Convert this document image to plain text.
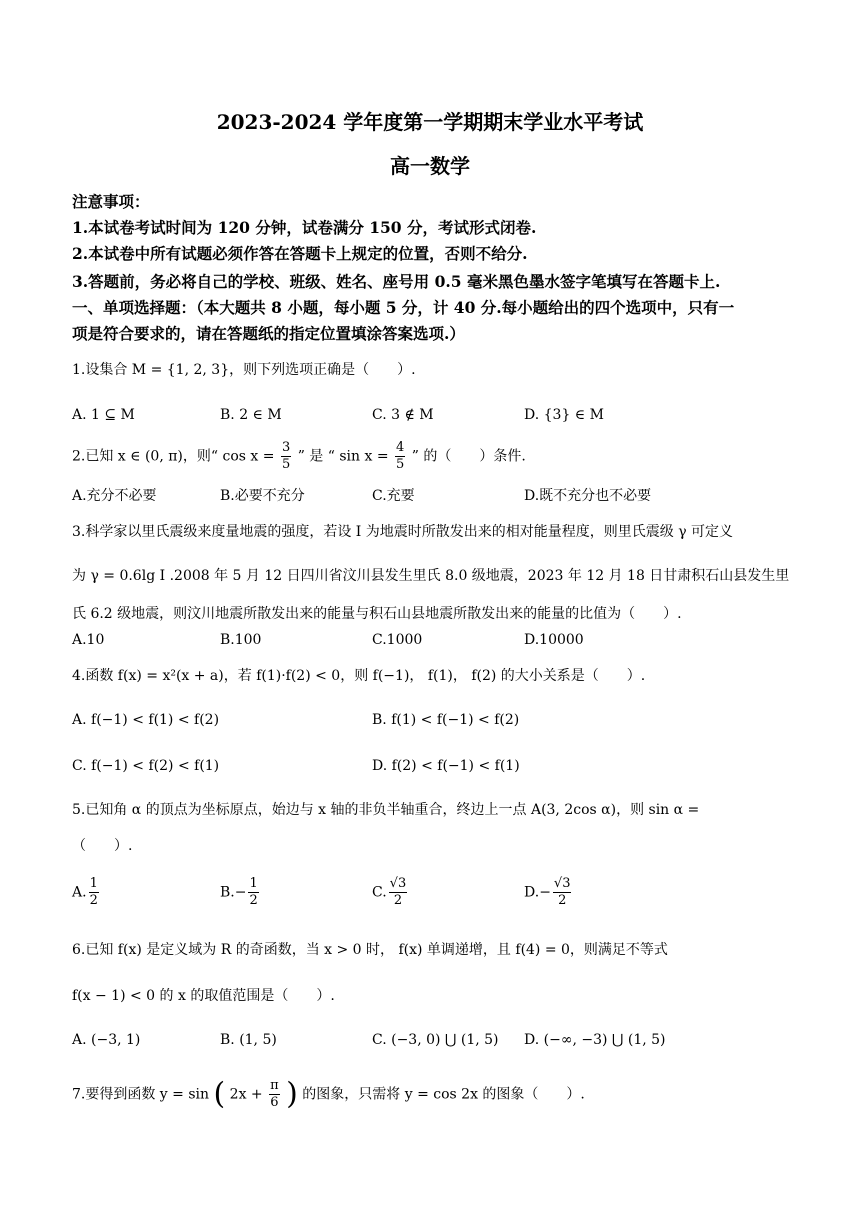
2023-2024 学年度第一学期期末学业水平考试
高一数学
注意事项：
1.本试卷考试时间为 120 分钟，试卷满分 150 分，考试形式闭卷.
2.本试卷中所有试题必须作答在答题卡上规定的位置，否则不给分.
3.答题前，务必将自己的学校、班级、姓名、座号用 0.5 毫米黑色墨水签字笔填写在答题卡上.
一、单项选择题：（本大题共 8 小题，每小题 5 分，计 40 分.每小题给出的四个选项中，只有一
项是符合要求的，请在答题纸的指定位置填涂答案选项.）
1.设集合 M = {1, 2, 3}，则下列选项正确是（　　）.
A. 1 ⊆ M	B. 2 ∈ M	C. 3 ∉ M	D. {3} ∈ M
2.已知 x ∈ (0, π)，则“ $\cos x = \frac{3}{5}$ ” 是 “ $\sin x = \frac{4}{5}$ ” 的（　　）条件.
A.充分不必要	B.必要不充分	C.充要	D.既不充分也不必要
3.科学家以里氏震级来度量地震的强度，若设 I 为地震时所散发出来的相对能量程度，则里氏震级 γ 可定义
为 γ = 0.6lg I .2008 年 5 月 12 日四川省汶川县发生里氏 8.0 级地震，2023 年 12 月 18 日甘肃积石山县发生里
氏 6.2 级地震，则汶川地震所散发出来的能量与积石山县地震所散发出来的能量的比值为（　　）.
A.10	B.100	C.1000	D.10000
4.函数 f(x) = x²(x + a)，若 f(1)·f(2) < 0，则 f(−1)， f(1)， f(2) 的大小关系是（　　）.
A. f(−1) < f(1) < f(2)	B. f(1) < f(−1) < f(2)
C. f(−1) < f(2) < f(1)	D. f(2) < f(−1) < f(1)
5.已知角 α 的顶点为坐标原点，始边与 x 轴的非负半轴重合，终边上一点 A(3, 2cos α)，则 sin α =
（　　）.
A. $\frac{1}{2}$	$B.- \frac{1}{2}$	C. $\frac{√3}{2}$	$D.- \frac{√3}{2}$
6.已知 f(x) 是定义域为 R 的奇函数，当 x > 0 时， f(x) 单调递增，且 f(4) = 0，则满足不等式
f(x − 1) < 0 的 x 的取值范围是（　　）.
A. (−3, 1)	B. (1, 5)	C. (−3, 0) ⋃ (1, 5) D. (−∞, −3) ⋃ (1, 5)
7.要得到函数 y = sin ( $2x + \frac{\pi}{6}$ ) 的图象，只需将 y = cos 2x 的图象（　　）.
